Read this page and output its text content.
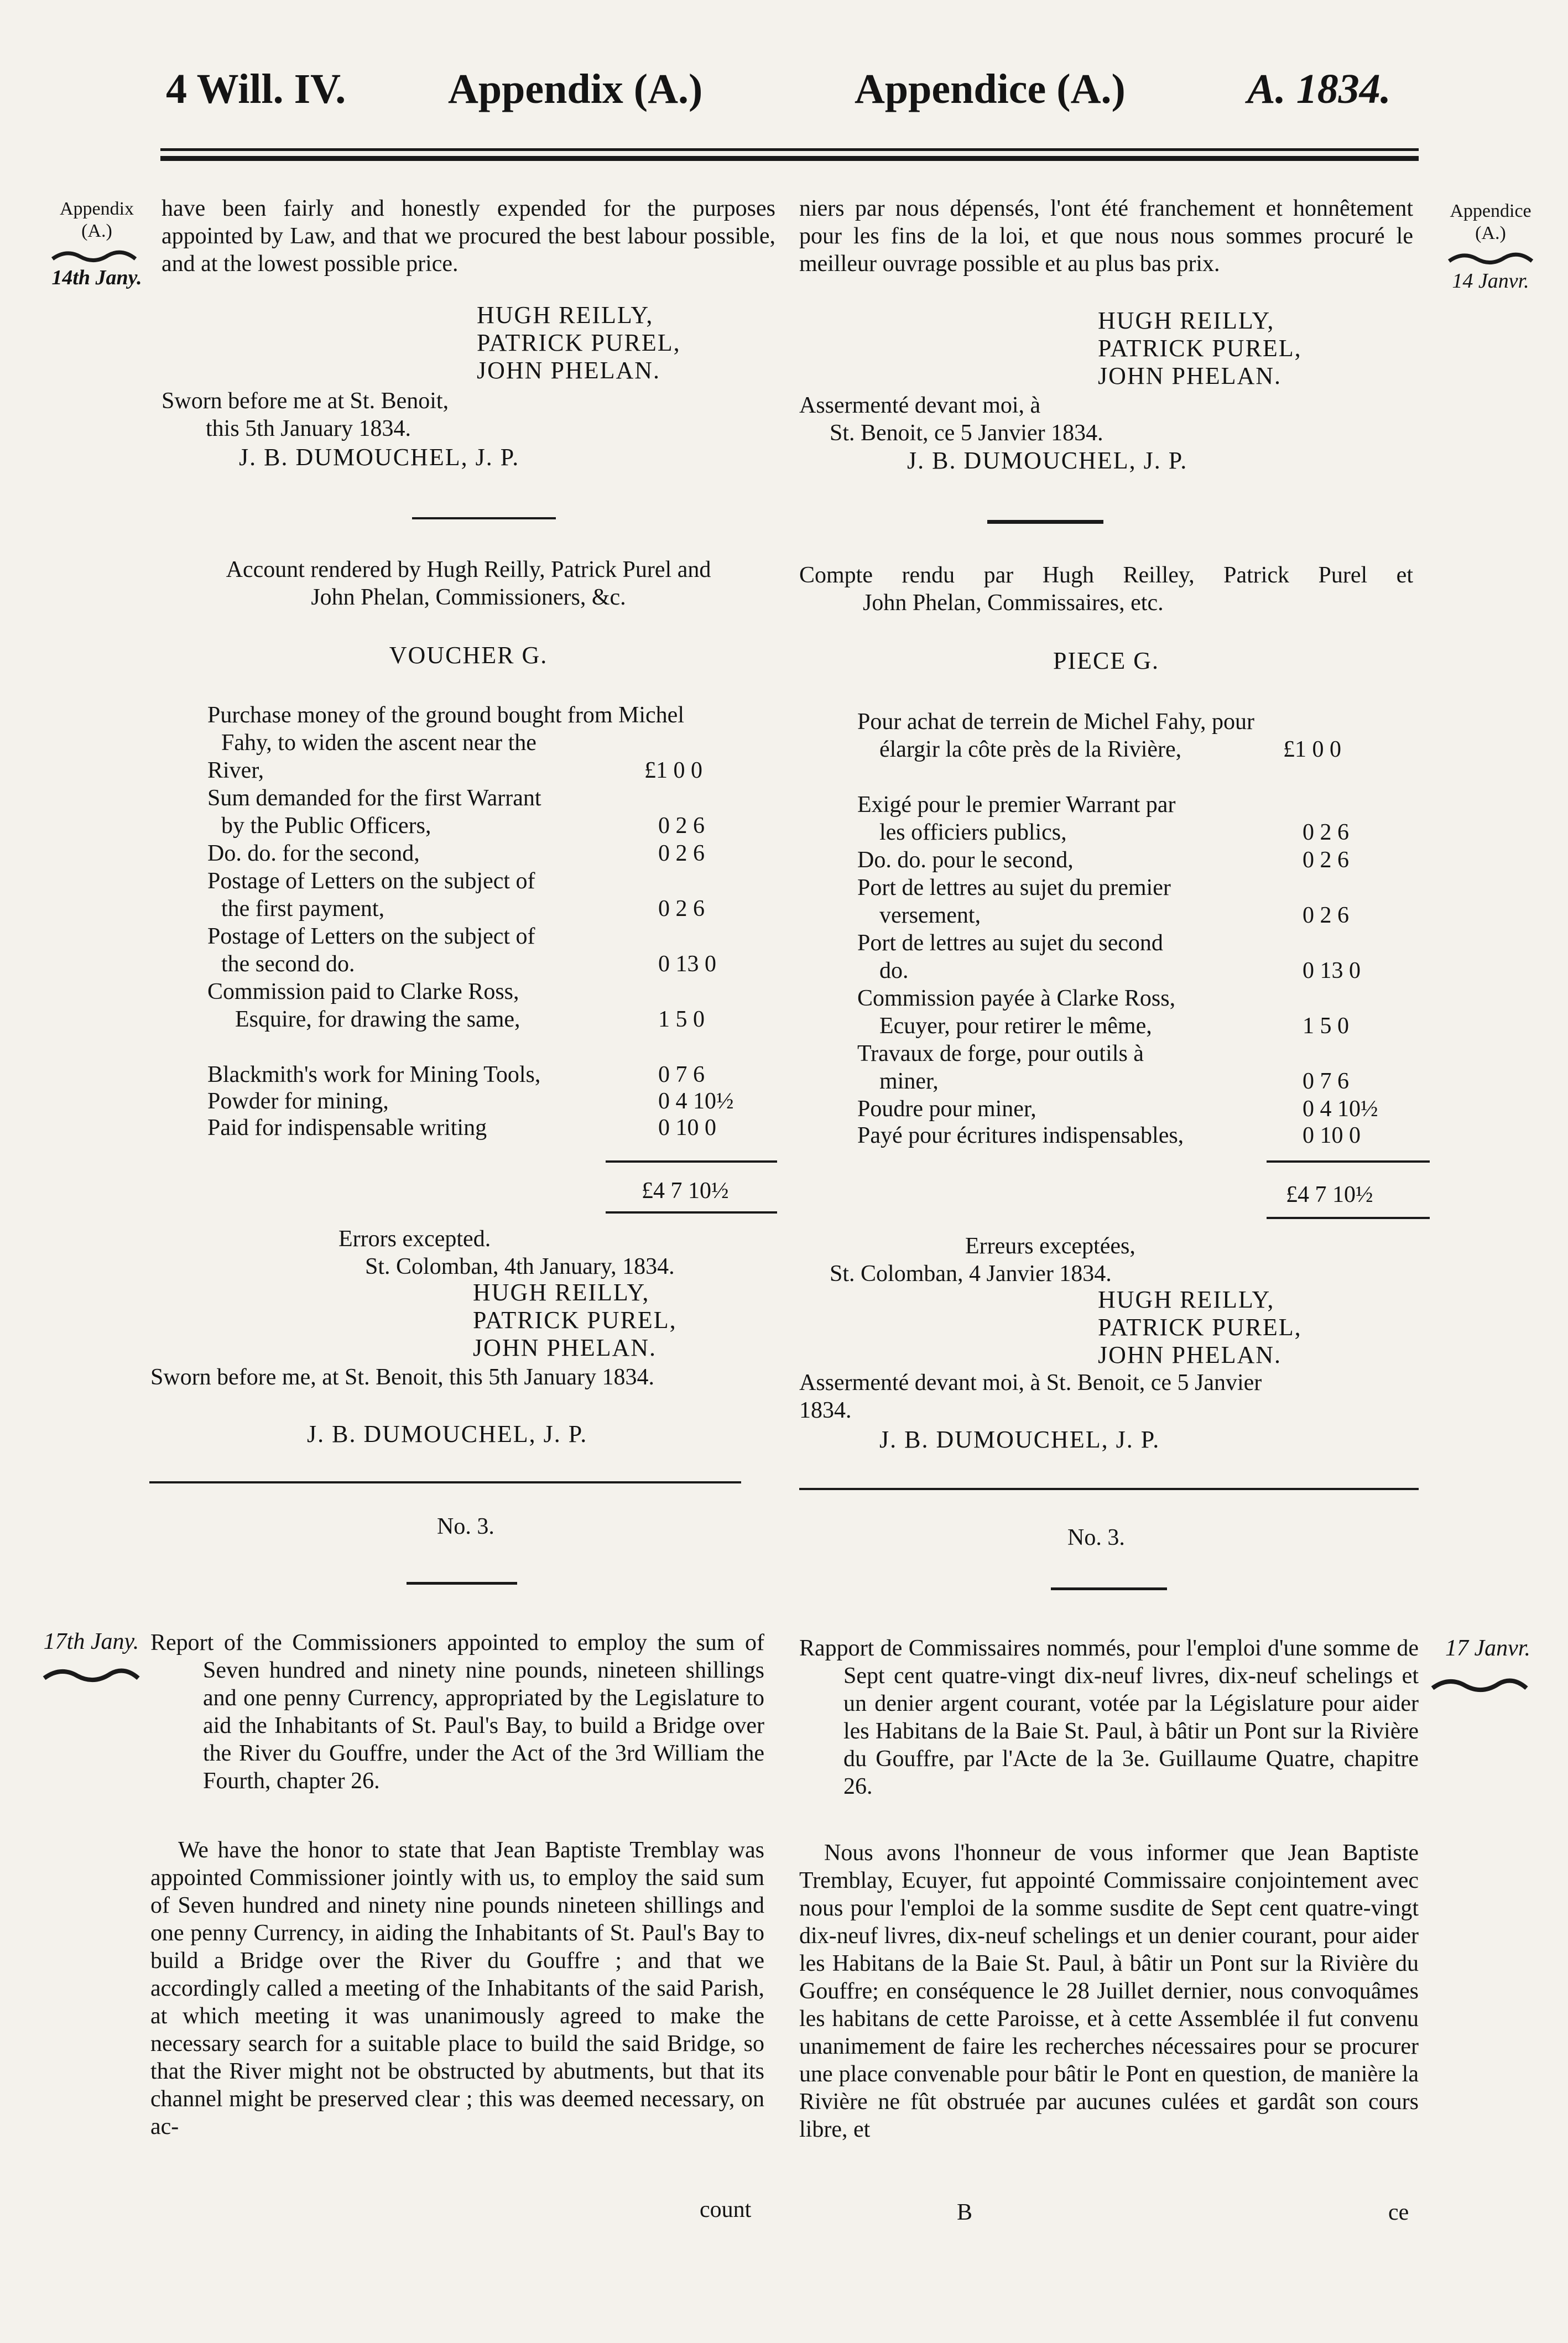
4 Will. IV. Appendix (A.)	Appendice (A.)	A. 1834.
Appendix
(A.)
14th Jany.
Appendice
(A.)
14 Janvr.
17th Jany.	17 Janvr.
have been fairly and honestly expended for the purposes appointed by Law, and that we procured the best labour possible, and at the lowest possible price.
HUGH REILLY,
PATRICK PUREL,
JOHN PHELAN.
Sworn before me at St. Benoit,
this 5th January 1834.
J. B. DUMOUCHEL, J. P.
Account rendered by Hugh Reilly, Patrick Purel and
John Phelan, Commissioners, &c.
VOUCHER G.
Purchase money of the ground bought from Michel
Fahy, to widen the ascent near the
River,	£1 0 0
Sum demanded for the first Warrant
by the Public Officers,	0 2 6
Do. do. for the second,	0 2 6
Postage of Letters on the subject of
the first payment,	0 2 6
Postage of Letters on the subject of
the second do.	0 13 0
Commission paid to Clarke Ross,
Esquire, for drawing the same,	1 5 0
Blackmith's work for Mining Tools,	0 7 6
Powder for mining,	0 4 10½
Paid for indispensable writing	0 10 0
£4 7 10½
Errors excepted.
St. Colomban, 4th January, 1834.
HUGH REILLY,
PATRICK PUREL,
JOHN PHELAN.
Sworn before me, at St. Benoit, this 5th January 1834.
J. B. DUMOUCHEL, J. P.
No. 3.
Report of the Commissioners appointed to employ the sum of Seven hundred and ninety nine pounds, nineteen shillings and one penny Currency, appropriated by the Legislature to aid the Inhabitants of St. Paul's Bay, to build a Bridge over the River du Gouffre, under the Act of the 3rd William the Fourth, chapter 26.
We have the honor to state that Jean Baptiste Tremblay was appointed Commissioner jointly with us, to employ the said sum of Seven hundred and ninety nine pounds nineteen shillings and one penny Currency, in aiding the Inhabitants of St. Paul's Bay to build a Bridge over the River du Gouffre ; and that we accordingly called a meeting of the Inhabitants of the said Parish, at which meeting it was unanimously agreed to make the necessary search for a suitable place to build the said Bridge, so that the River might not be obstructed by abutments, but that its channel might be preserved clear ; this was deemed necessary, on ac-
count
niers par nous dépensés, l'ont été franchement et honnêtement pour les fins de la loi, et que nous nous sommes procuré le meilleur ouvrage possible et au plus bas prix.
HUGH REILLY,
PATRICK PUREL,
JOHN PHELAN.
Assermenté devant moi, à
St. Benoit, ce 5 Janvier 1834.
J. B. DUMOUCHEL, J. P.
Compte rendu par Hugh Reilley, Patrick Purel et
John Phelan, Commissaires, etc.
PIECE G.
Pour achat de terrein de Michel Fahy, pour
élargir la côte près de la Rivière,	£1 0 0
Exigé pour le premier Warrant par
les officiers publics,	0 2 6
Do. do. pour le second,	0 2 6
Port de lettres au sujet du premier
versement,	0 2 6
Port de lettres au sujet du second
do.	0 13 0
Commission payée à Clarke Ross,
Ecuyer, pour retirer le même,	1 5 0
Travaux de forge, pour outils à
miner,	0 7 6
Poudre pour miner,	0 4 10½
Payé pour écritures indispensables,	0 10 0
£4 7 10½
Erreurs exceptées,
St. Colomban, 4 Janvier 1834.
HUGH REILLY,
PATRICK PUREL,
JOHN PHELAN.
Assermenté devant moi, à St. Benoit, ce 5 Janvier
1834.
J. B. DUMOUCHEL, J. P.
No. 3.
Rapport de Commissaires nommés, pour l'emploi d'une somme de Sept cent quatre-vingt dix-neuf livres, dix-neuf schelings et un denier argent courant, votée par la Législature pour aider les Habitans de la Baie St. Paul, à bâtir un Pont sur la Rivière du Gouffre, par l'Acte de la 3e. Guillaume Quatre, chapitre 26.
Nous avons l'honneur de vous informer que Jean Baptiste Tremblay, Ecuyer, fut appointé Commissaire conjointement avec nous pour l'emploi de la somme susdite de Sept cent quatre-vingt dix-neuf livres, dix-neuf schelings et un denier courant, pour aider les Habitans de la Baie St. Paul, à bâtir un Pont sur la Rivière du Gouffre; en conséquence le 28 Juillet dernier, nous convoquâmes les habitans de cette Paroisse, et à cette Assemblée il fut convenu unanimement de faire les recherches nécessaires pour se procurer une place convenable pour bâtir le Pont en question, de manière la Rivière ne fût obstruée par aucunes culées et gardât son cours libre, et
B	ce
